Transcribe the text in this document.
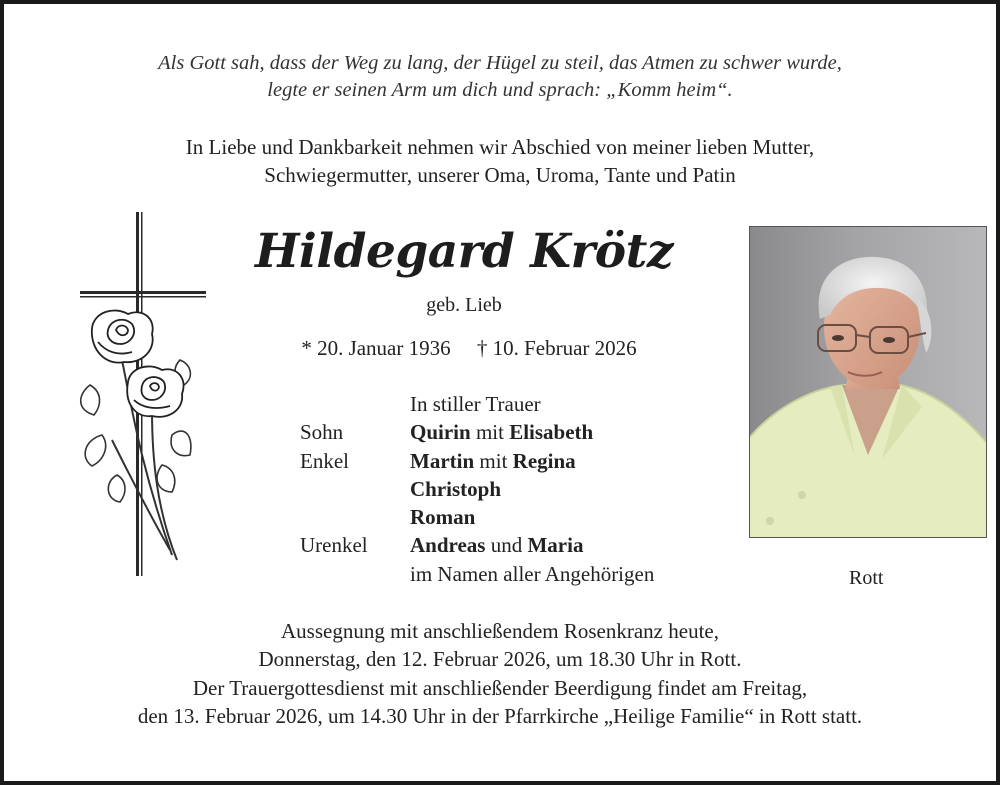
Als Gott sah, dass der Weg zu lang, der Hügel zu steil, das Atmen zu schwer wurde,
legte er seinen Arm um dich und sprach: „Komm heim“.
In Liebe und Dankbarkeit nehmen wir Abschied von meiner lieben Mutter,
Schwiegermutter, unserer Oma, Uroma, Tante und Patin
Hildegard Krötz
geb. Lieb
* 20. Januar 1936     † 10. Februar 2026
In stiller Trauer
Sohn	Quirin mit Elisabeth
Enkel	Martin mit Regina
Christoph
Roman
Urenkel	Andreas und Maria
im Namen aller Angehörigen	Rott
Aussegnung mit anschließendem Rosenkranz heute,
Donnerstag, den 12. Februar 2026, um 18.30 Uhr in Rott.
Der Trauergottesdienst mit anschließender Beerdigung findet am Freitag,
den 13. Februar 2026, um 14.30 Uhr in der Pfarrkirche „Heilige Familie“ in Rott statt.
